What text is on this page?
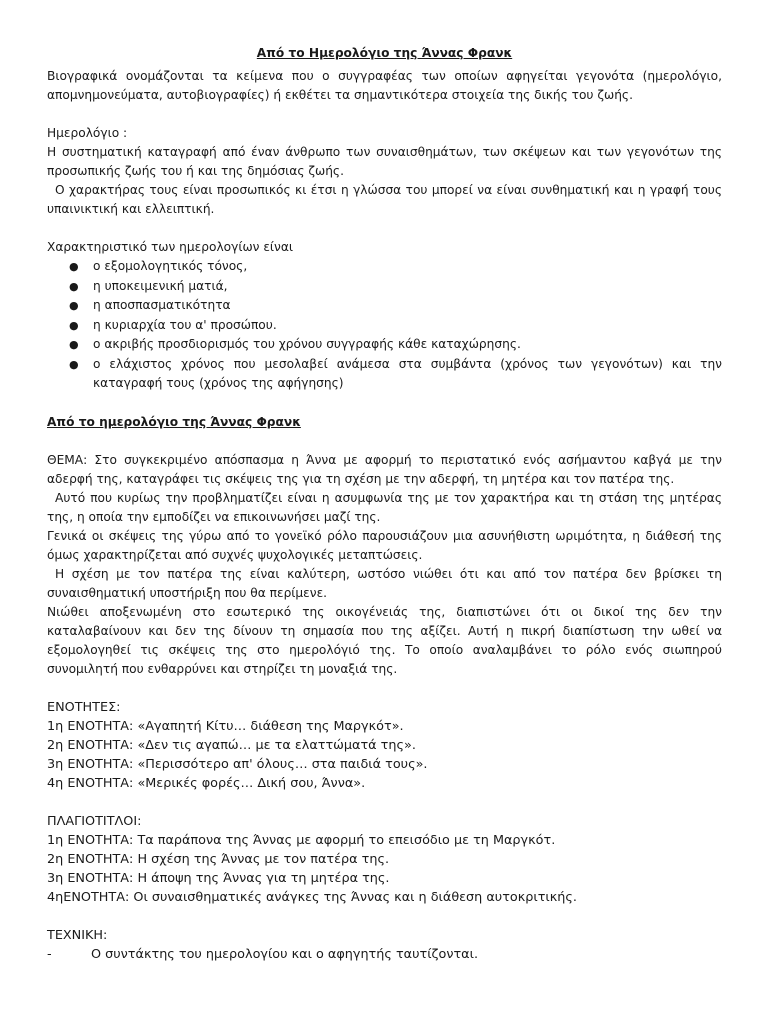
Από το Ημερολόγιο της Άννας Φρανκ

Βιογραφικά ονομάζονται τα κείμενα που ο συγγραφέας των οποίων αφηγείται γεγονότα (ημερολόγιο, απομνημονεύματα, αυτοβιογραφίες) ή εκθέτει τα σημαντικότερα στοιχεία της δικής του ζωής.

Ημερολόγιο :

Η συστηματική καταγραφή από έναν άνθρωπο των συναισθημάτων, των σκέψεων και των γεγονότων της προσωπικής ζωής του ή και της δημόσιας ζωής.

Ο χαρακτήρας τους είναι προσωπικός κι έτσι η γλώσσα του μπορεί να είναι συνθηματική και η γραφή τους υπαινικτική και ελλειπτική.

Χαρακτηριστικό των ημερολογίων είναι

● ο εξομολογητικός τόνος,
● η υποκειμενική ματιά,
● η αποσπασματικότητα
● η κυριαρχία του α' προσώπου.
● ο ακριβής προσδιορισμός του χρόνου συγγραφής κάθε καταχώρησης.
● ο ελάχιστος χρόνος που μεσολαβεί ανάμεσα στα συμβάντα (χρόνος των γεγονότων) και την καταγραφή τους (χρόνος της αφήγησης)
Από το ημερολόγιο της Άννας Φρανκ

ΘΕΜΑ: Στο συγκεκριμένο απόσπασμα η Άννα με αφορμή το περιστατικό ενός ασήμαντου καβγά με την αδερφή της, καταγράφει τις σκέψεις της για τη σχέση με την αδερφή, τη μητέρα και τον πατέρα της.

Αυτό που κυρίως την προβληματίζει είναι η ασυμφωνία της με τον χαρακτήρα και τη στάση της μητέρας της, η οποία την εμποδίζει να επικοινωνήσει μαζί της.

Γενικά οι σκέψεις της γύρω από το γονεϊκό ρόλο παρουσιάζουν μια ασυνήθιστη ωριμότητα, η διάθεσή της όμως χαρακτηρίζεται από συχνές ψυχολογικές μεταπτώσεις.

Η σχέση με τον πατέρα της είναι καλύτερη, ωστόσο νιώθει ότι και από τον πατέρα δεν βρίσκει τη συναισθηματική υποστήριξη που θα περίμενε.

Νιώθει αποξενωμένη στο εσωτερικό της οικογένειάς της, διαπιστώνει ότι οι δικοί της δεν την καταλαβαίνουν και δεν της δίνουν τη σημασία που της αξίζει. Αυτή η πικρή διαπίστωση την ωθεί να εξομολογηθεί τις σκέψεις της στο ημερολόγιό της. Το οποίο αναλαμβάνει το ρόλο ενός σιωπηρού συνομιλητή που ενθαρρύνει και στηρίζει τη μοναξιά της.

ΕΝΟΤΗΤΕΣ:
1η ΕΝΟΤΗΤΑ: «Αγαπητή Κίτυ… διάθεση της Μαργκότ».
2η ΕΝΟΤΗΤΑ: «Δεν τις αγαπώ… με τα ελαττώματά της».
3η ΕΝΟΤΗΤΑ: «Περισσότερο απ' όλους… στα παιδιά τους».
4η ΕΝΟΤΗΤΑ: «Μερικές φορές… Δική σου, Άννα».
ΠΛΑΓΙΟΤΙΤΛΟΙ:
1η ΕΝΟΤΗΤΑ: Τα παράπονα της Άννας με αφορμή το επεισόδιο με τη Μαργκότ.
2η ΕΝΟΤΗΤΑ: Η σχέση της Άννας με τον πατέρα της.
3η ΕΝΟΤΗΤΑ: Η άποψη της Άννας για τη μητέρα της.
4ηΕΝΟΤΗΤΑ: Οι συναισθηματικές ανάγκες της Άννας και η διάθεση αυτοκριτικής.
ΤΕΧΝΙΚΗ:
-	Ο συντάκτης του ημερολογίου και ο αφηγητής ταυτίζονται.
